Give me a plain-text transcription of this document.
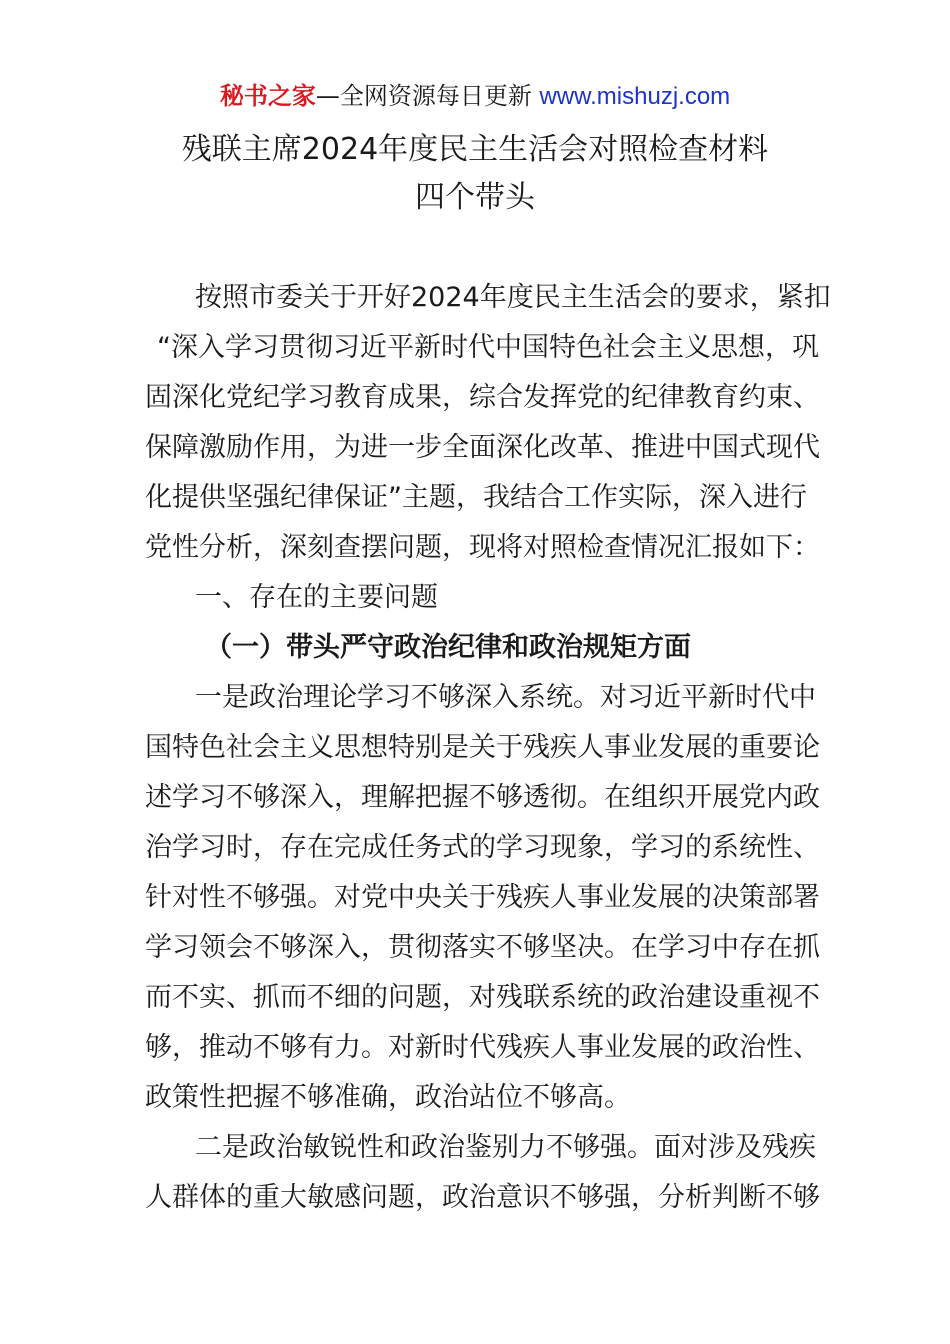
秘书之家—全网资源每日更新 www.mishuzj.com
残联主席2024年度民主生活会对照检查材料
四个带头
按照市委关于开好2024年度民主生活会的要求，紧扣
“深入学习贯彻习近平新时代中国特色社会主义思想，巩
固深化党纪学习教育成果，综合发挥党的纪律教育约束、
保障激励作用，为进一步全面深化改革、推进中国式现代
化提供坚强纪律保证”主题，我结合工作实际，深入进行
党性分析，深刻查摆问题，现将对照检查情况汇报如下：
一、存在的主要问题
（一）带头严守政治纪律和政治规矩方面
一是政治理论学习不够深入系统。对习近平新时代中
国特色社会主义思想特别是关于残疾人事业发展的重要论
述学习不够深入，理解把握不够透彻。在组织开展党内政
治学习时，存在完成任务式的学习现象，学习的系统性、
针对性不够强。对党中央关于残疾人事业发展的决策部署
学习领会不够深入，贯彻落实不够坚决。在学习中存在抓
而不实、抓而不细的问题，对残联系统的政治建设重视不
够，推动不够有力。对新时代残疾人事业发展的政治性、
政策性把握不够准确，政治站位不够高。
二是政治敏锐性和政治鉴别力不够强。面对涉及残疾
人群体的重大敏感问题，政治意识不够强，分析判断不够
